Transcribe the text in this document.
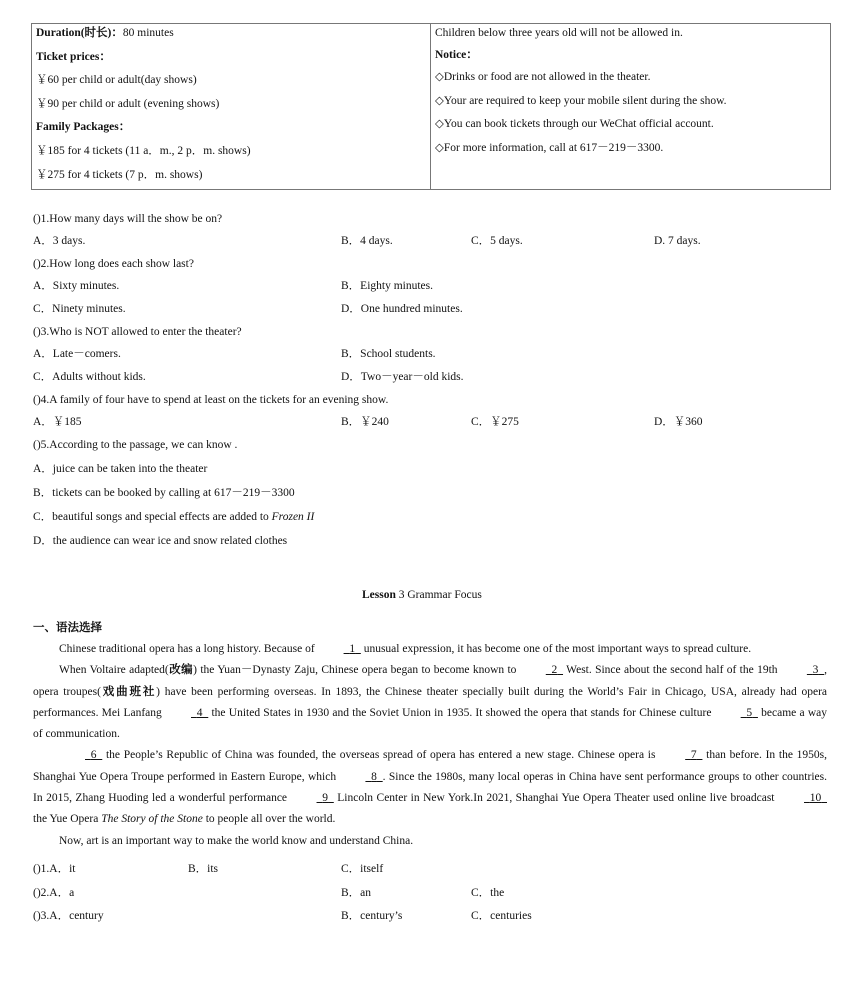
Duration(时长)：80 minutes
Ticket prices：
￥60 per child or adult(day shows)
￥90 per child or adult (evening shows)
Family Packages：
￥185 for 4 tickets (11 a．m., 2 p．m. shows)
￥275 for 4 tickets (7 p．m. shows)
Children below three years old will not be allowed in.
Notice：
◇Drinks or food are not allowed in the theater.
◇Your are required to keep your mobile silent during the show.
◇You can book tickets through our WeChat official account.
◇For more information, call at 617－219－3300.
()1.How many days will the show be on?
A．3 days.	B．4 days.	C．5 days.	D. 7 days.
()2.How long does each show last?
A．Sixty minutes.	B．Eighty minutes.
C．Ninety minutes.	D．One hundred minutes.
()3.Who is NOT allowed to enter the theater?
A．Late－comers.	B．School students.
C．Adults without kids.	D．Two－year－old kids.
()4.A family of four have to spend at least on the tickets for an evening show.
A．￥185	B．￥240	C．￥275	D．￥360
()5.According to the passage, we can know .
A．juice can be taken into the theater
B．tickets can be booked by calling at 617－219－3300
C．beautiful songs and special effects are added to Frozen II
D．the audience can wear ice and snow related clothes
Lesson 3 Grammar Focus
一、语法选择

Chinese traditional opera has a long history. Because of	1   unusual expression, it has become one of the most important ways to spread culture.

When Voltaire adapted(改编) the Yuan－Dynasty Zaju, Chinese opera began to become known to	2   West. Since about the second half of the 19th	3 , opera troupes(戏曲班社) have been performing overseas. In 1893, the Chinese theater specially built during the World’s Fair in Chicago, USA, already had opera performances. Mei Lanfang	4   the United States in 1930 and the Soviet Union in 1935. It showed the opera that stands for Chinese culture	5   became a way of communication.

6   the People’s Republic of China was founded, the overseas spread of opera has entered a new stage. Chinese opera is	7   than before. In the 1950s, Shanghai Yue Opera Troupe performed in Eastern Europe, which	8 . Since the 1980s, many local operas in China have sent performance groups to other countries. In 2015, Zhang Huoding led a wonderful performance	9   Lincoln Center in New York.In 2021, Shanghai Yue Opera Theater used online live broadcast	10   the Yue Opera The Story of the Stone to people all over the world.

Now, art is an important way to make the world know and understand China.

()1.A．it	B．its	C．itself
()2.A．a	B．an	C．the
()3.A．century	B．century’s	C．centuries
